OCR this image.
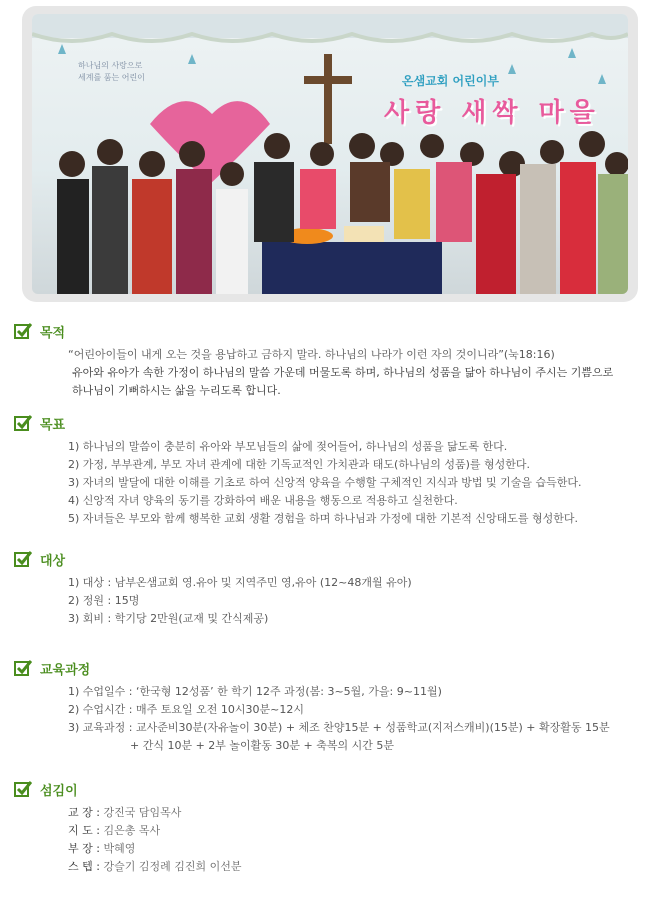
하나님의 사랑으로
세계를 품는 어린이	온샘교회 어린이부
사랑 새싹 마을
목적
“어린아이들이 내게 오는 것을 용납하고 금하지 말라. 하나님의 나라가 이런 자의 것이니라”(눅18:16)
유아와 유아가 속한 가정이 하나님의 말씀 가운데 머물도록 하며, 하나님의 성품을 닮아 하나님이 주시는 기쁨으로
하나님이 기뻐하시는 삶을 누리도록 합니다.
목표
1) 하나님의 말씀이 충분히 유아와 부모님들의 삶에 젖어들어, 하나님의 성품을 닮도록 한다.
2) 가정, 부부관계, 부모 자녀 관계에 대한 기독교적인 가치관과 태도(하나님의 성품)를 형성한다.
3) 자녀의 발달에 대한 이해를 기초로 하여 신앙적 양육을 수행할 구체적인 지식과 방법 및 기술을 습득한다.
4) 신앙적 자녀 양육의 동기를 강화하여 배운 내용을 행동으로 적용하고 실천한다.
5) 자녀들은 부모와 함께 행복한 교회 생활 경험을 하며 하나님과 가정에 대한 기본적 신앙태도를 형성한다.
대상
1) 대상 : 남부온샘교회 영.유아 및 지역주민 영,유아 (12~48개월 유아)
2) 정원 : 15명
3) 회비 : 학기당 2만원(교재 및 간식제공)
교육과정
1) 수업일수 : ‘한국형 12성품’ 한 학기 12주 과정(봄: 3~5월, 가을: 9~11월)
2) 수업시간 : 매주 토요일 오전 10시30분~12시
3) 교육과정 : 교사준비30분(자유놀이 30분) + 체조 찬양15분 + 성품학교(지저스캐비)(15분) + 확장활동 15분
+ 간식 10분 + 2부 놀이활동 30분 + 축복의 시간 5분
섬김이
교 장 : 강진국 담임목사
지 도 : 김은총 목사
부 장 : 박혜영
스 텝 : 강슬기 김정례 김진희 이선분
